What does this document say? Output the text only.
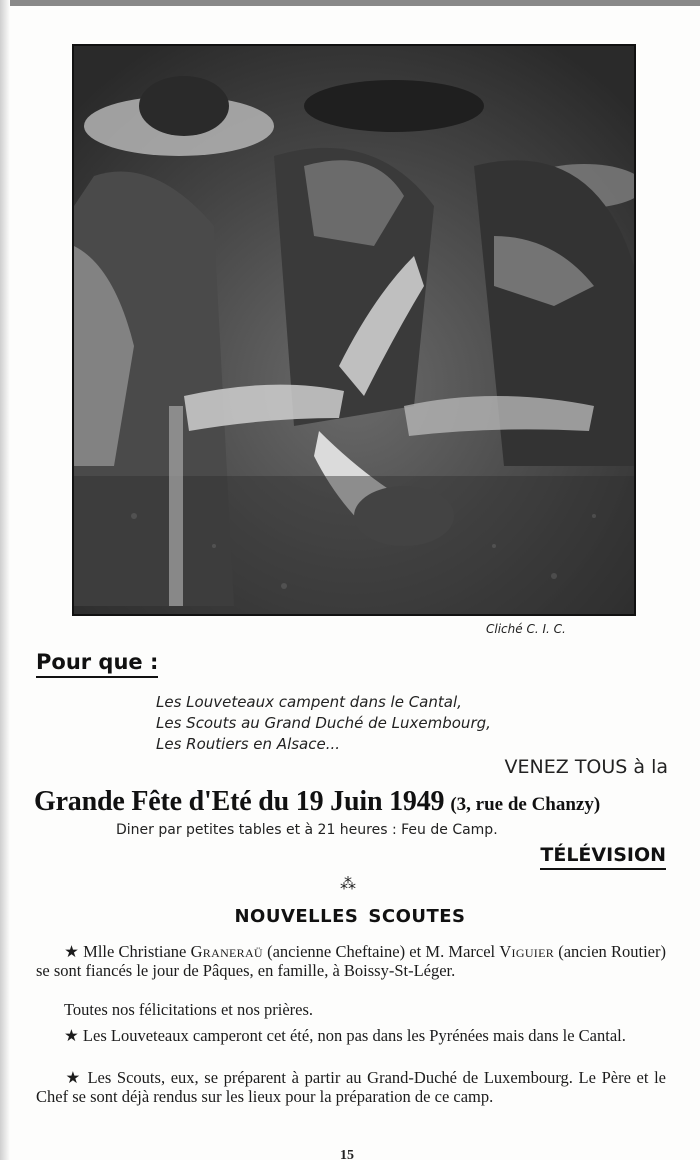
Cliché C. I. C.
Pour que :
Les Louveteaux campent dans le Cantal,
Les Scouts au Grand Duché de Luxembourg,
Les Routiers en Alsace...
VENEZ TOUS à la
Grande Fête d'Eté du 19 Juin 1949 (3, rue de Chanzy)
Diner par petites tables et à 21 heures : Feu de Camp.
TÉLÉVISION
⁂
NOUVELLES SCOUTES
★ Mlle Christiane Graneraü (ancienne Cheftaine) et M. Marcel Viguier (ancien Routier) se sont fiancés le jour de Pâques, en famille, à Boissy-St-Léger.
Toutes nos félicitations et nos prières.
★ Les Louveteaux camperont cet été, non pas dans les Pyrénées mais dans le Cantal.
★ Les Scouts, eux, se préparent à partir au Grand-Duché de Luxembourg. Le Père et le Chef se sont déjà rendus sur les lieux pour la préparation de ce camp.
15
